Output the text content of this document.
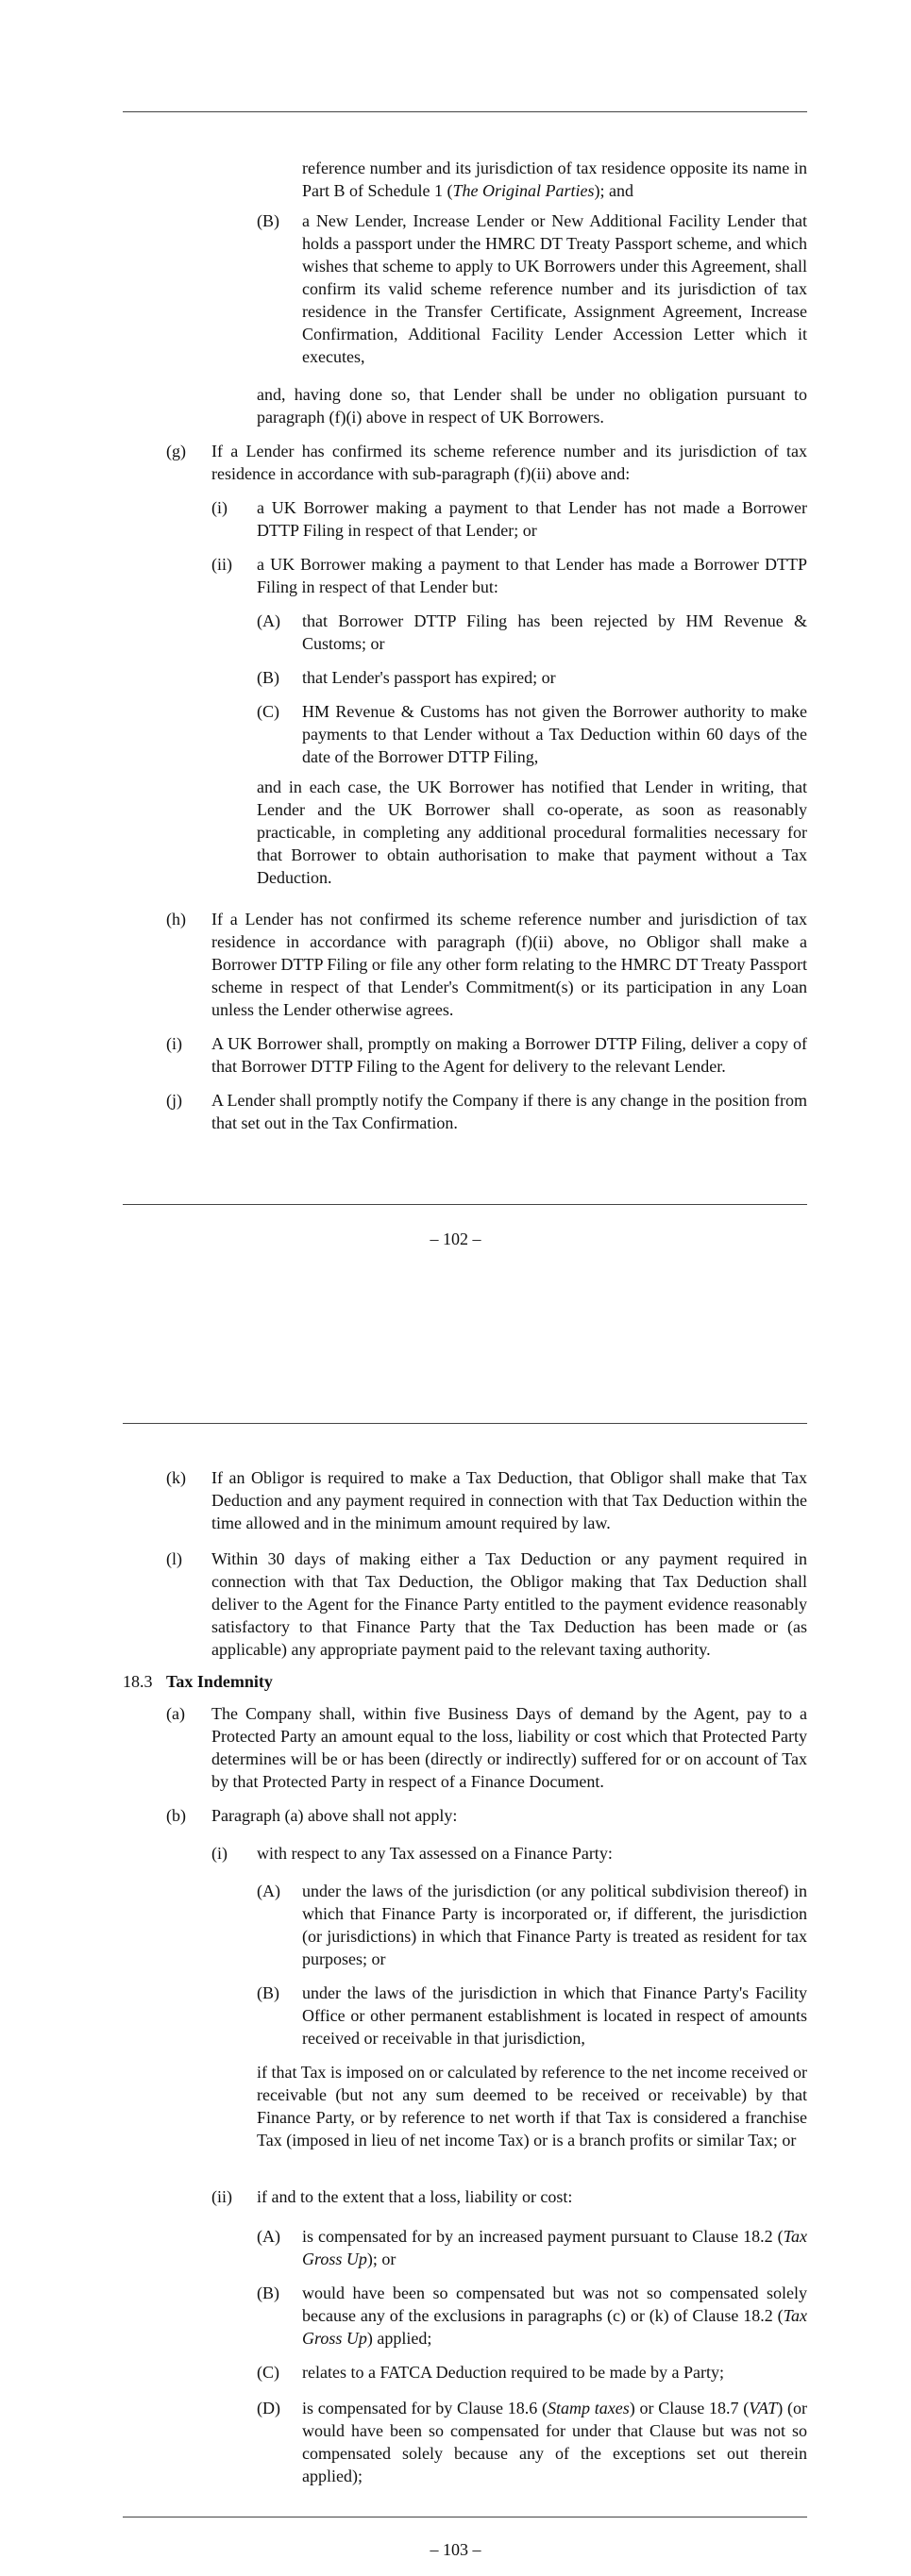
reference number and its jurisdiction of tax residence opposite its name in Part B of Schedule 1 (The Original Parties); and
(B) a New Lender, Increase Lender or New Additional Facility Lender that holds a passport under the HMRC DT Treaty Passport scheme, and which wishes that scheme to apply to UK Borrowers under this Agreement, shall confirm its valid scheme reference number and its jurisdiction of tax residence in the Transfer Certificate, Assignment Agreement, Increase Confirmation, Additional Facility Lender Accession Letter which it executes,
and, having done so, that Lender shall be under no obligation pursuant to paragraph (f)(i) above in respect of UK Borrowers.
(g) If a Lender has confirmed its scheme reference number and its jurisdiction of tax residence in accordance with sub-paragraph (f)(ii) above and:
(i) a UK Borrower making a payment to that Lender has not made a Borrower DTTP Filing in respect of that Lender; or
(ii) a UK Borrower making a payment to that Lender has made a Borrower DTTP Filing in respect of that Lender but:
(A) that Borrower DTTP Filing has been rejected by HM Revenue & Customs; or
(B) that Lender's passport has expired; or
(C) HM Revenue & Customs has not given the Borrower authority to make payments to that Lender without a Tax Deduction within 60 days of the date of the Borrower DTTP Filing,
and in each case, the UK Borrower has notified that Lender in writing, that Lender and the UK Borrower shall co-operate, as soon as reasonably practicable, in completing any additional procedural formalities necessary for that Borrower to obtain authorisation to make that payment without a Tax Deduction.
(h) If a Lender has not confirmed its scheme reference number and jurisdiction of tax residence in accordance with paragraph (f)(ii) above, no Obligor shall make a Borrower DTTP Filing or file any other form relating to the HMRC DT Treaty Passport scheme in respect of that Lender's Commitment(s) or its participation in any Loan unless the Lender otherwise agrees.
(i) A UK Borrower shall, promptly on making a Borrower DTTP Filing, deliver a copy of that Borrower DTTP Filing to the Agent for delivery to the relevant Lender.
(j) A Lender shall promptly notify the Company if there is any change in the position from that set out in the Tax Confirmation.
– 102 –
(k) If an Obligor is required to make a Tax Deduction, that Obligor shall make that Tax Deduction and any payment required in connection with that Tax Deduction within the time allowed and in the minimum amount required by law.
(l) Within 30 days of making either a Tax Deduction or any payment required in connection with that Tax Deduction, the Obligor making that Tax Deduction shall deliver to the Agent for the Finance Party entitled to the payment evidence reasonably satisfactory to that Finance Party that the Tax Deduction has been made or (as applicable) any appropriate payment paid to the relevant taxing authority.
18.3 Tax Indemnity
(a) The Company shall, within five Business Days of demand by the Agent, pay to a Protected Party an amount equal to the loss, liability or cost which that Protected Party determines will be or has been (directly or indirectly) suffered for or on account of Tax by that Protected Party in respect of a Finance Document.
(b) Paragraph (a) above shall not apply:
(i) with respect to any Tax assessed on a Finance Party:
(A) under the laws of the jurisdiction (or any political subdivision thereof) in which that Finance Party is incorporated or, if different, the jurisdiction (or jurisdictions) in which that Finance Party is treated as resident for tax purposes; or
(B) under the laws of the jurisdiction in which that Finance Party's Facility Office or other permanent establishment is located in respect of amounts received or receivable in that jurisdiction,
if that Tax is imposed on or calculated by reference to the net income received or receivable (but not any sum deemed to be received or receivable) by that Finance Party, or by reference to net worth if that Tax is considered a franchise Tax (imposed in lieu of net income Tax) or is a branch profits or similar Tax; or
(ii) if and to the extent that a loss, liability or cost:
(A) is compensated for by an increased payment pursuant to Clause 18.2 (Tax Gross Up); or
(B) would have been so compensated but was not so compensated solely because any of the exclusions in paragraphs (c) or (k) of Clause 18.2 (Tax Gross Up) applied;
(C) relates to a FATCA Deduction required to be made by a Party;
(D) is compensated for by Clause 18.6 (Stamp taxes) or Clause 18.7 (VAT) (or would have been so compensated for under that Clause but was not so compensated solely because any of the exceptions set out therein applied);
– 103 –
